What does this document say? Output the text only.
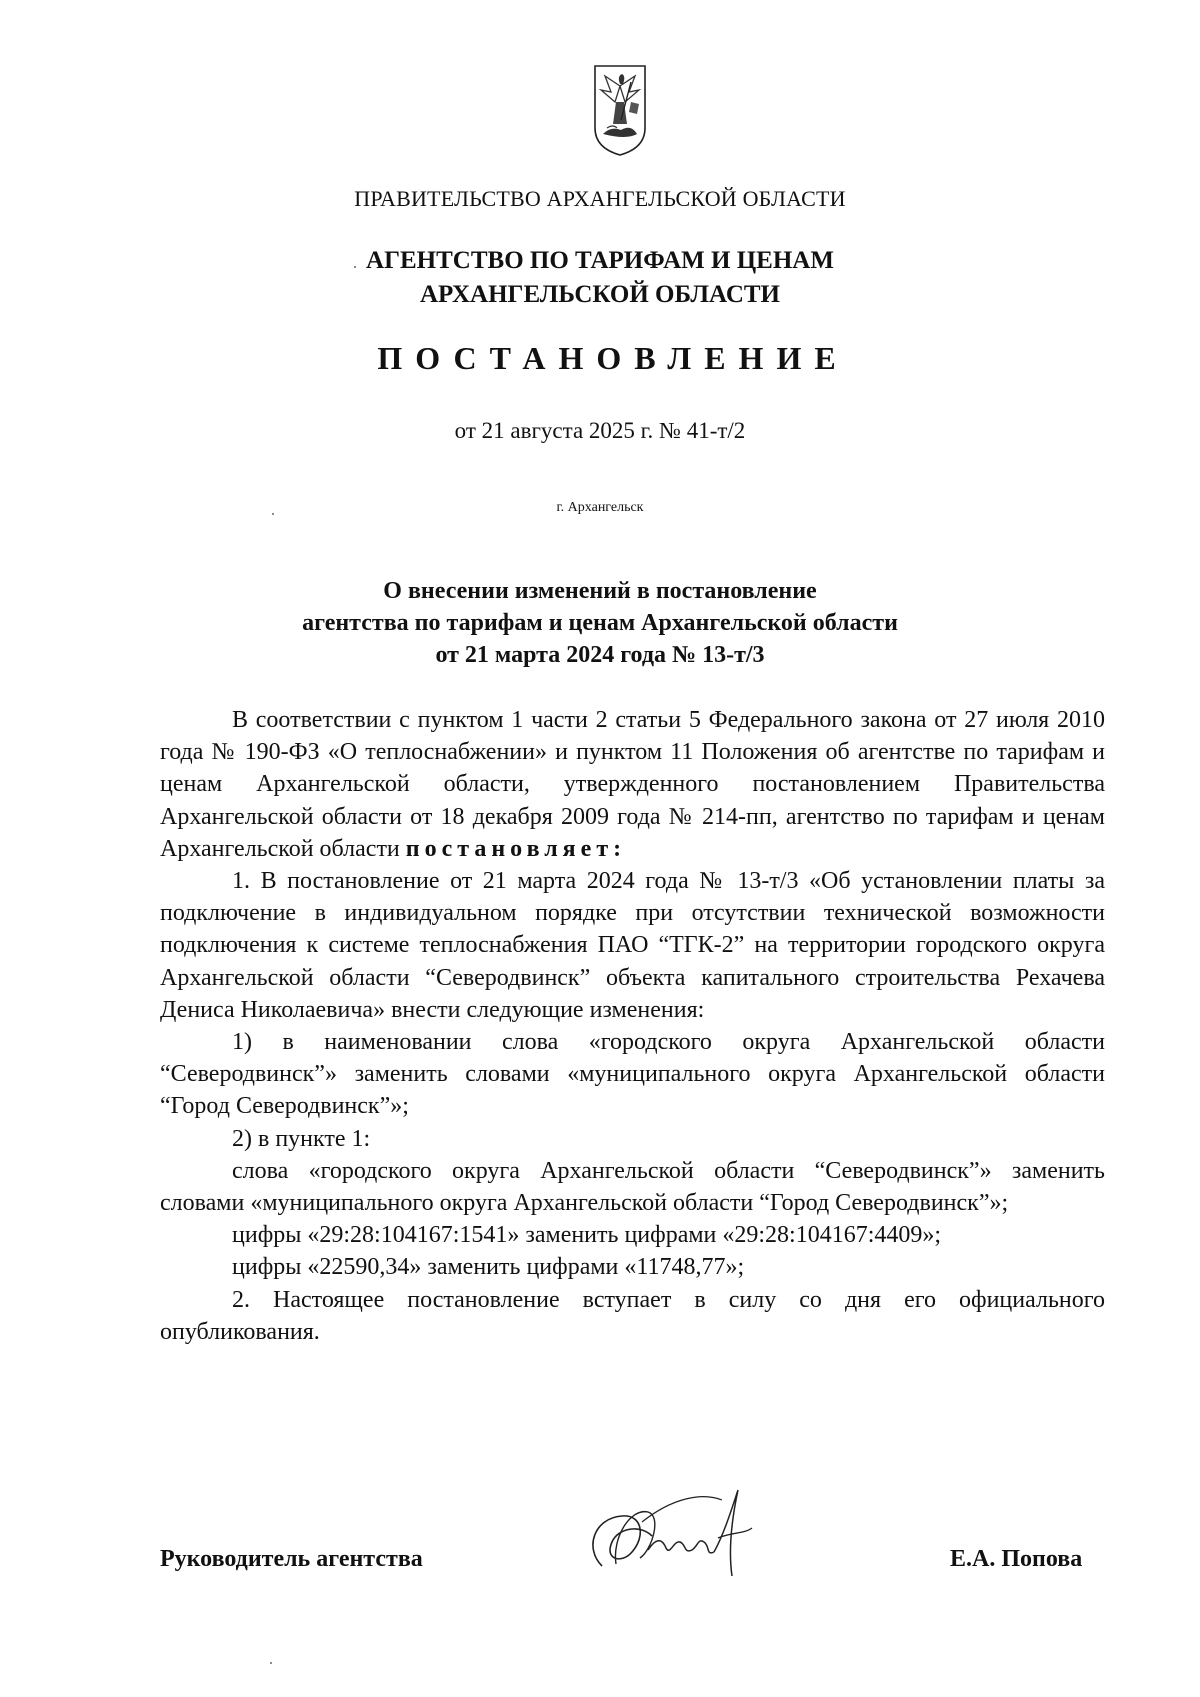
ПРАВИТЕЛЬСТВО АРХАНГЕЛЬСКОЙ ОБЛАСТИ
АГЕНТСТВО ПО ТАРИФАМ И ЦЕНАМ
АРХАНГЕЛЬСКОЙ ОБЛАСТИ
ПОСТАНОВЛЕНИЕ
от 21 августа 2025 г. № 41-т/2
г. Архангельск
О внесении изменений в постановление
агентства по тарифам и ценам Архангельской области
от 21 марта 2024 года № 13-т/3

В соответствии с пунктом 1 части 2 статьи 5 Федерального закона от 27 июля 2010 года № 190-ФЗ «О теплоснабжении» и пунктом 11 Положения об агентстве по тарифам и ценам Архангельской области, утвержденного постановлением Правительства Архангельской области от 18 декабря 2009 года № 214-пп, агентство по тарифам и ценам Архангельской области постановляет:

1. В постановление от 21 марта 2024 года № 13-т/3 «Об установлении платы за подключение в индивидуальном порядке при отсутствии технической возможности подключения к системе теплоснабжения ПАО “ТГК-2” на территории городского округа Архангельской области “Северодвинск” объекта капитального строительства Рехачева Дениса Николаевича» внести следующие изменения:

1) в наименовании слова «городского округа Архангельской области “Северодвинск”» заменить словами «муниципального округа Архангельской области “Город Северодвинск”»;

2) в пункте 1:

слова «городского округа Архангельской области “Северодвинск”» заменить словами «муниципального округа Архангельской области “Город Северодвинск”»;

цифры «29:28:104167:1541» заменить цифрами «29:28:104167:4409»;

цифры «22590,34» заменить цифрами «11748,77»;

2. Настоящее постановление вступает в силу со дня его официального опубликования.

Руководитель агентства	Е.А. Попова
